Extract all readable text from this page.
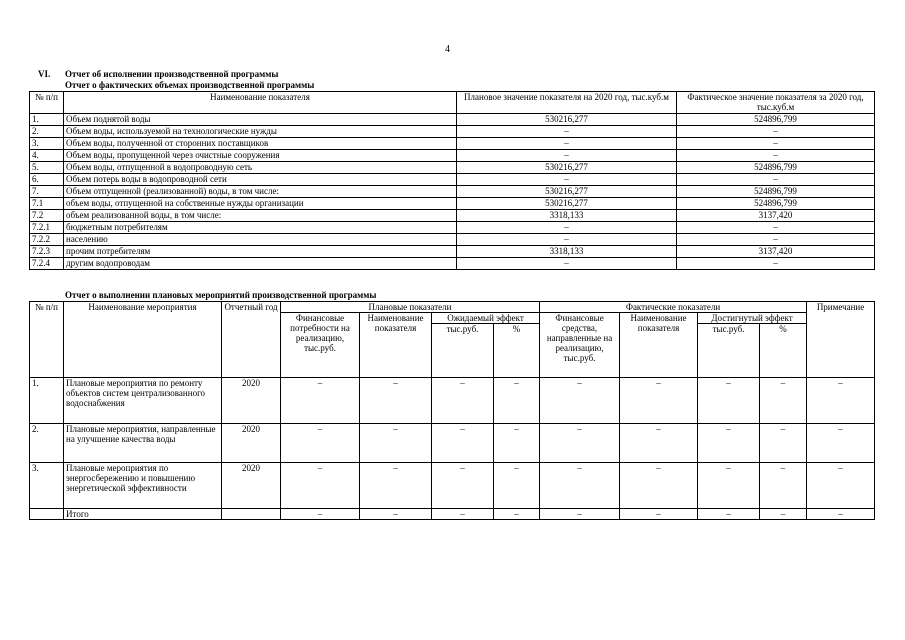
4
VI. Отчет об исполнении производственной программы
Отчет о фактических объемах производственной программы
№ п/п	Наименование показателя	Плановое значение показателя на 2020 год, тыс.куб.м	Фактическое значение показателя за 2020 год, тыс.куб.м
1.	Объем поднятой воды	530216,277	524896,799
2.	Объем воды, используемой на технологические нужды	–	–
3.	Объем воды, полученной от сторонних поставщиков	–	–
4.	Объем воды, пропущенной через очистные сооружения	–	–
5.	Объем воды, отпущенной в водопроводную сеть	530216,277	524896,799
6.	Объем потерь воды в водопроводной сети	–	–
7.	Объем отпущенной (реализованной) воды, в том числе:	530216,277	524896,799
7.1	объем воды, отпущенной на собственные нужды организации	530216,277	524896,799
7.2	объем реализованной воды, в том числе:	3318,133	3137,420
7.2.1	бюджетным потребителям	–	–
7.2.2	населению	–	–
7.2.3	прочим потребителям	3318,133	3137,420
7.2.4	другим водопроводам	–	–
Отчет о выполнении плановых мероприятий производственной программы
№ п/п	Наименование мероприятия	Отчетный год	Плановые показатели				Фактические показатели				Примечание
			Финансовые потребности на реализацию, тыс.руб.	Наименование показателя	Ожидаемый эффект		Финансовые средства, направленные на реализацию, тыс.руб.	Наименование показателя	Достигнутый эффект		
					тыс.руб.	%			тыс.руб.	%	
1.	Плановые мероприятия по ремонту объектов систем централизованного водоснабжения	2020	–	–	–	–	–	–	–	–	–
2.	Плановые мероприятия, направленные на улучшение качества воды	2020	–	–	–	–	–	–	–	–	–
3.	Плановые мероприятия по энергосбережению и повышению энергетической эффективности	2020	–	–	–	–	–	–	–	–	–
	Итого		–	–	–	–	–	–	–	–	–
